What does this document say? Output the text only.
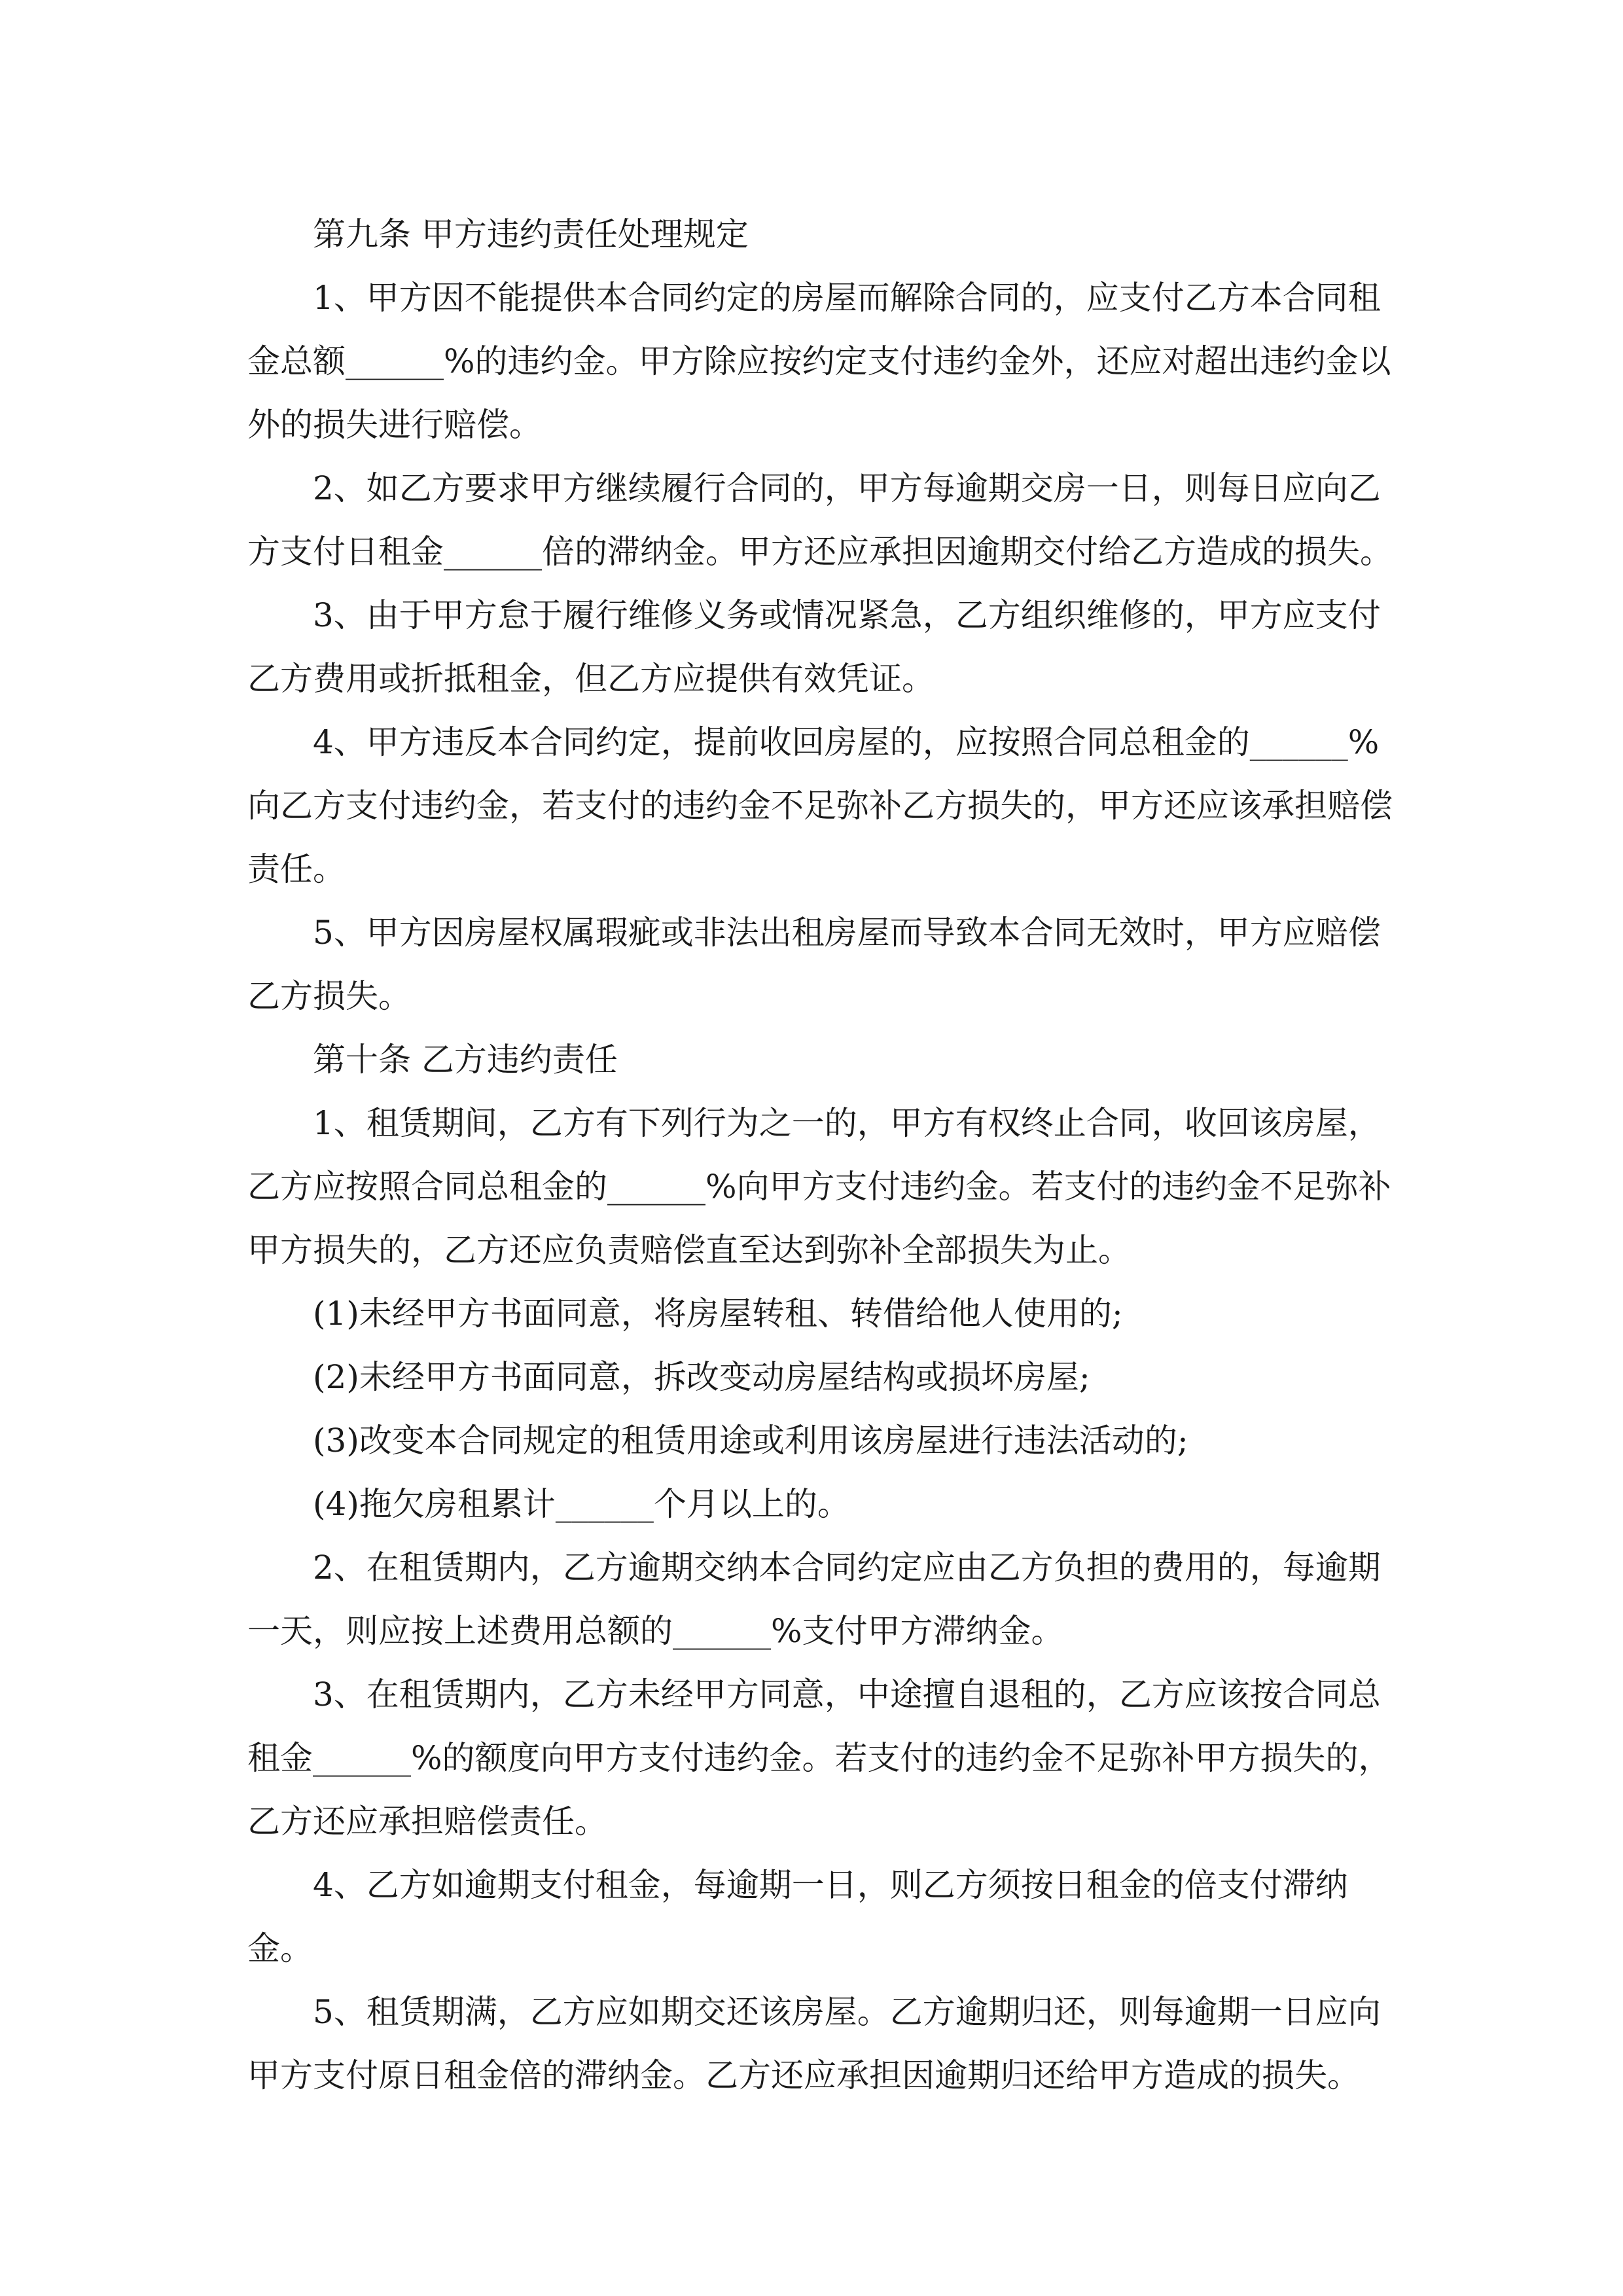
第九条 甲方违约责任处理规定

1、甲方因不能提供本合同约定的房屋而解除合同的，应支付乙方本合同租金总额______%的违约金。甲方除应按约定支付违约金外，还应对超出违约金以外的损失进行赔偿。

2、如乙方要求甲方继续履行合同的，甲方每逾期交房一日，则每日应向乙方支付日租金______倍的滞纳金。甲方还应承担因逾期交付给乙方造成的损失。

3、由于甲方怠于履行维修义务或情况紧急，乙方组织维修的，甲方应支付乙方费用或折抵租金，但乙方应提供有效凭证。

4、甲方违反本合同约定，提前收回房屋的，应按照合同总租金的______%向乙方支付违约金，若支付的违约金不足弥补乙方损失的，甲方还应该承担赔偿责任。

5、甲方因房屋权属瑕疵或非法出租房屋而导致本合同无效时，甲方应赔偿乙方损失。

第十条 乙方违约责任

1、租赁期间，乙方有下列行为之一的，甲方有权终止合同，收回该房屋，乙方应按照合同总租金的______%向甲方支付违约金。若支付的违约金不足弥补甲方损失的，乙方还应负责赔偿直至达到弥补全部损失为止。

(1)未经甲方书面同意，将房屋转租、转借给他人使用的;

(2)未经甲方书面同意，拆改变动房屋结构或损坏房屋;

(3)改变本合同规定的租赁用途或利用该房屋进行违法活动的;

(4)拖欠房租累计______个月以上的。

2、在租赁期内，乙方逾期交纳本合同约定应由乙方负担的费用的，每逾期一天，则应按上述费用总额的______%支付甲方滞纳金。

3、在租赁期内，乙方未经甲方同意，中途擅自退租的，乙方应该按合同总租金______%的额度向甲方支付违约金。若支付的违约金不足弥补甲方损失的，乙方还应承担赔偿责任。

4、乙方如逾期支付租金，每逾期一日，则乙方须按日租金的倍支付滞纳金。

5、租赁期满，乙方应如期交还该房屋。乙方逾期归还，则每逾期一日应向甲方支付原日租金倍的滞纳金。乙方还应承担因逾期归还给甲方造成的损失。
